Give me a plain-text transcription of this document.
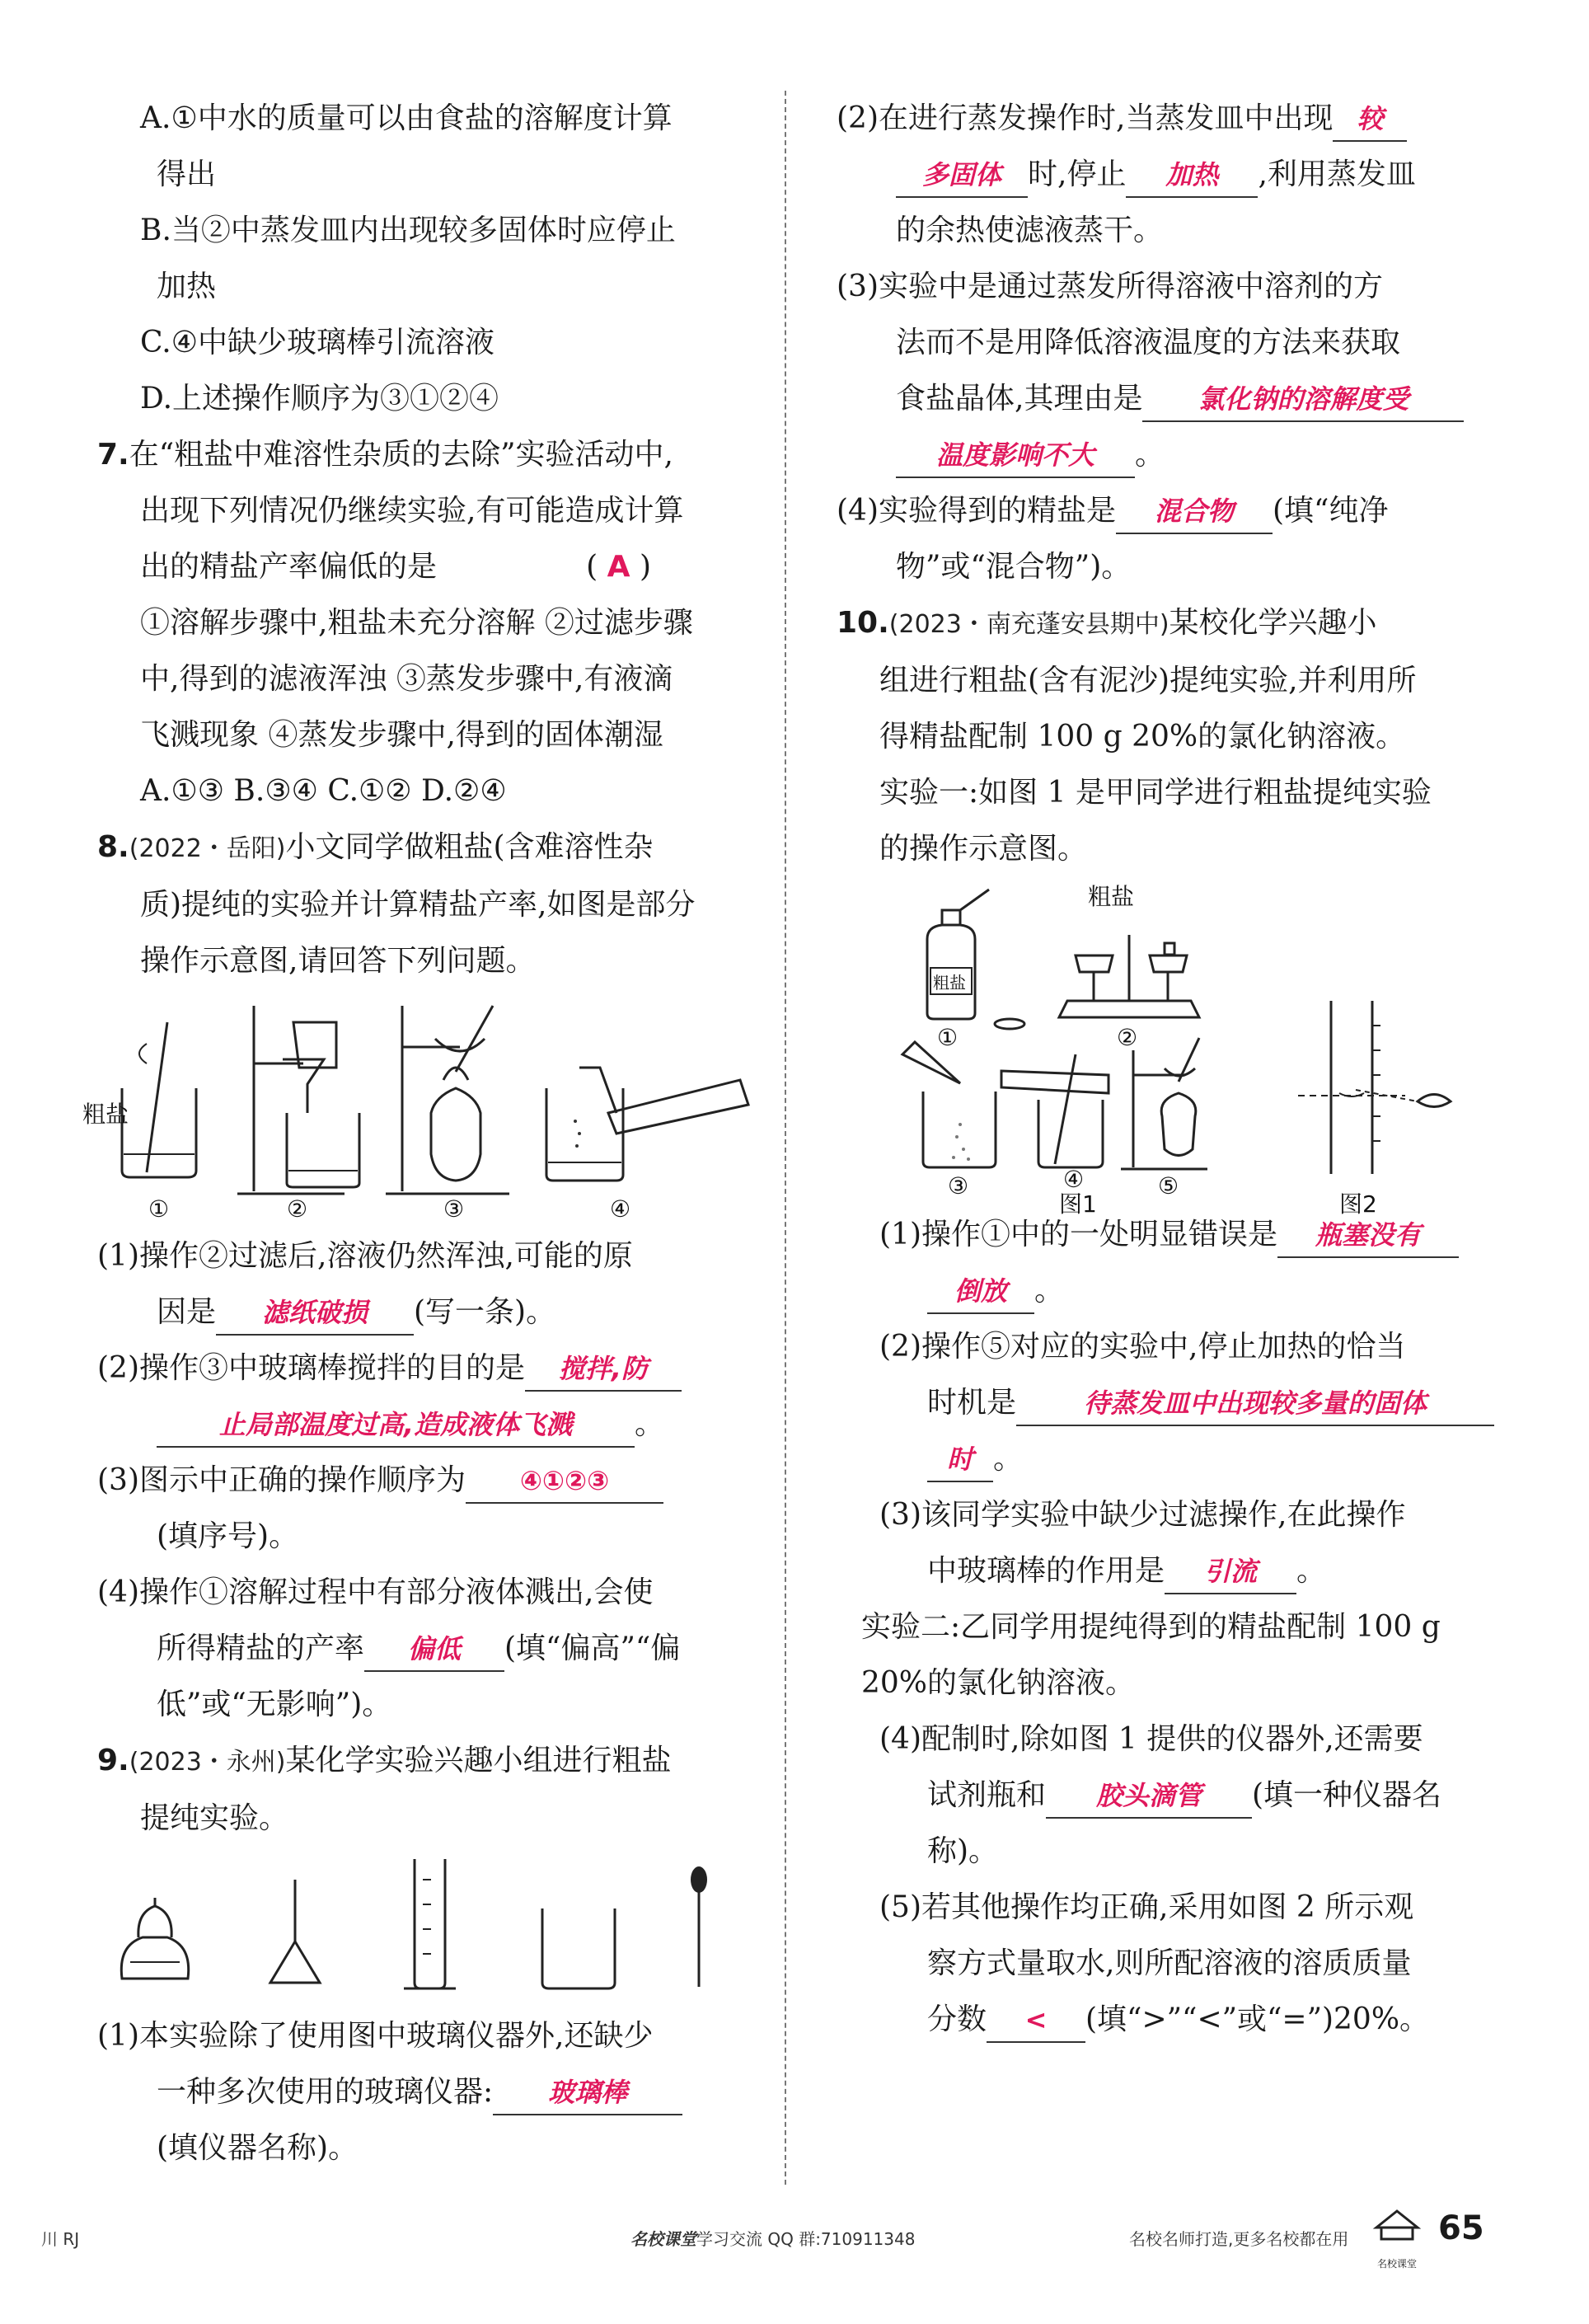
A.①中水的质量可以由食盐的溶解度计算

得出

B.当②中蒸发皿内出现较多固体时应停止

加热

C.④中缺少玻璃棒引流溶液

D.上述操作顺序为③①②④

7.在“粗盐中难溶性杂质的去除”实验活动中,

出现下列情况仍继续实验,有可能造成计算

出的精盐产率偏低的是	( A )

①溶解步骤中,粗盐未充分溶解 ②过滤步骤

中,得到的滤液浑浊 ③蒸发步骤中,有液滴

飞溅现象 ④蒸发步骤中,得到的固体潮湿

A.①③ B.③④ C.①② D.②④

8.(2022・岳阳)小文同学做粗盐(含难溶性杂

质)提纯的实验并计算精盐产率,如图是部分

操作示意图,请回答下列问题。

粗盐
①	②	③	④

(1)操作②过滤后,溶液仍然浑浊,可能的原

因是 滤纸破损 (写一条)。

(2)操作③中玻璃棒搅拌的目的是 搅拌,防

止局部温度过高,造成液体飞溅 。

(3)图示中正确的操作顺序为 ④①②③

(填序号)。

(4)操作①溶解过程中有部分液体溅出,会使

所得精盐的产率 偏低 (填“偏高”“偏

低”或“无影响”)。

9.(2023・永州)某化学实验兴趣小组进行粗盐

提纯实验。

(1)本实验除了使用图中玻璃仪器外,还缺少

一种多次使用的玻璃仪器: 玻璃棒

(填仪器名称)。

(2)在进行蒸发操作时,当蒸发皿中出现 较

多固体 时,停止 加热 ,利用蒸发皿

的余热使滤液蒸干。

(3)实验中是通过蒸发所得溶液中溶剂的方

法而不是用降低溶液温度的方法来获取

食盐晶体,其理由是 氯化钠的溶解度受

温度影响不大 。

(4)实验得到的精盐是 混合物 (填“纯净

物”或“混合物”)。

10.(2023・南充蓬安县期中)某校化学兴趣小

组进行粗盐(含有泥沙)提纯实验,并利用所

得精盐配制 100 g 20%的氯化钠溶液。

实验一:如图 1 是甲同学进行粗盐提纯实验

的操作示意图。

粗盐
粗盐
①	②
③	④	⑤
图1	图2

(1)操作①中的一处明显错误是 瓶塞没有

倒放 。

(2)操作⑤对应的实验中,停止加热的恰当

时机是	待蒸发皿中出现较多量的固体

时 。

(3)该同学实验中缺少过滤操作,在此操作

中玻璃棒的作用是 引流 。

实验二:乙同学用提纯得到的精盐配制 100 g

20%的氯化钠溶液。

(4)配制时,除如图 1 提供的仪器外,还需要

试剂瓶和 胶头滴管 (填一种仪器名

称)。

(5)若其他操作均正确,采用如图 2 所示观

察方式量取水,则所配溶液的溶质质量

分数 < (填“>”“<”或“=”)20%。

川 RJ	名校课堂学习交流 QQ 群:710911348	名校名师打造,更多名校都在用
名校课堂
65
